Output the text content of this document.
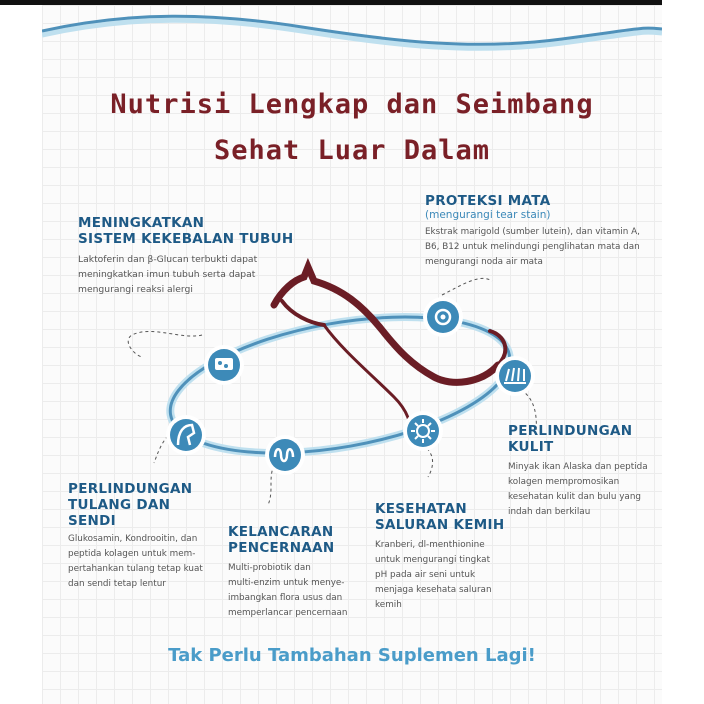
Nutrisi Lengkap dan Seimbang
Sehat Luar Dalam
MENINGKATKAN
SISTEM KEKEBALAN TUBUH
Laktoferin dan β-Glucan terbukti dapat
meningkatkan imun tubuh serta dapat
mengurangi reaksi alergi
PROTEKSI MATA
(mengurangi tear stain)
Ekstrak marigold (sumber lutein), dan vitamin A,
B6, B12 untuk melindungi penglihatan mata dan
mengurangi noda air mata
PERLINDUNGAN
KULIT
Minyak ikan Alaska dan peptida
kolagen mempromosikan
kesehatan kulit dan bulu yang
indah dan berkilau
PERLINDUNGAN
TULANG DAN
SENDI
Glukosamin, Kondrooitin, dan
peptida kolagen untuk mem-
pertahankan tulang tetap kuat
dan sendi tetap lentur
KELANCARAN
PENCERNAAN
Multi-probiotik dan
multi-enzim untuk menye-
imbangkan flora usus dan
memperlancar pencernaan
KESEHATAN
SALURAN KEMIH
Kranberi, dl-menthionine
untuk mengurangi tingkat
pH pada air seni untuk
menjaga kesehata saluran
kemih
Tak Perlu Tambahan Suplemen Lagi!
